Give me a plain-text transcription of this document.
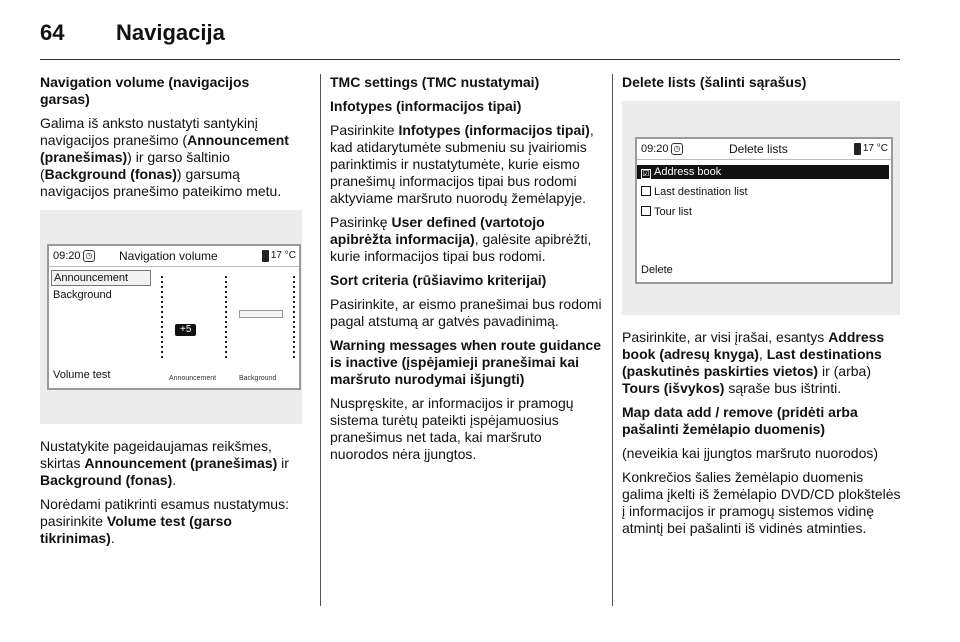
64 Navigacija

Navigation volume (navigacijos garsas)

Galima iš anksto nustatyti santykinį navigacijos pranešimo (Announcement (pranešimas)) ir garso šaltinio (Background (fonas)) garsumą navigacijos pranešimo pateikimo metu.

09:20 ◷ Navigation volume	17 °C
Announcement
Background
Volume test
+5
Announcement	Background

Nustatykite pageidaujamas reikšmes, skirtas Announcement (pranešimas) ir Background (fonas).

Norėdami patikrinti esamus nustatymus: pasirinkite Volume test (garso tikrinimas).

TMC settings (TMC nustatymai)

Infotypes (informacijos tipai)

Pasirinkite Infotypes (informacijos tipai), kad atidarytumėte submeniu su įvairiomis parinktimis ir nustatytumėte, kurie eismo pranešimų informacijos tipai bus rodomi aktyviame maršruto nuorodų žemėlapyje.

Pasirinkę User defined (vartotojo apibrėžta informacija), galėsite apibrėžti, kurie informacijos tipai bus rodomi.

Sort criteria (rūšiavimo kriterijai)

Pasirinkite, ar eismo pranešimai bus rodomi pagal atstumą ar gatvės pavadinimą.

Warning messages when route guidance is inactive (įspėjamieji pranešimai kai maršruto nurodymai išjungti)

Nuspręskite, ar informacijos ir pramogų sistema turėtų pateikti įspėjamuosius pranešimus net tada, kai maršruto nuorodos nėra įjungtos.

Delete lists (šalinti sąrašus)

09:20 ◷	Delete lists	17 °C
☑ Address book
Last destination list
Tour list
Delete

Pasirinkite, ar visi įrašai, esantys Address book (adresų knyga), Last destinations (paskutinės paskirties vietos) ir (arba) Tours (išvykos) sąraše bus ištrinti.

Map data add / remove (pridėti arba pašalinti žemėlapio duomenis)

(neveikia kai įjungtos maršruto nuorodos)

Konkrečios šalies žemėlapio duomenis galima įkelti iš žemėlapio DVD/CD plokštelės į informacijos ir pramogų sistemos vidinę atmintį bei pašalinti iš vidinės atminties.
